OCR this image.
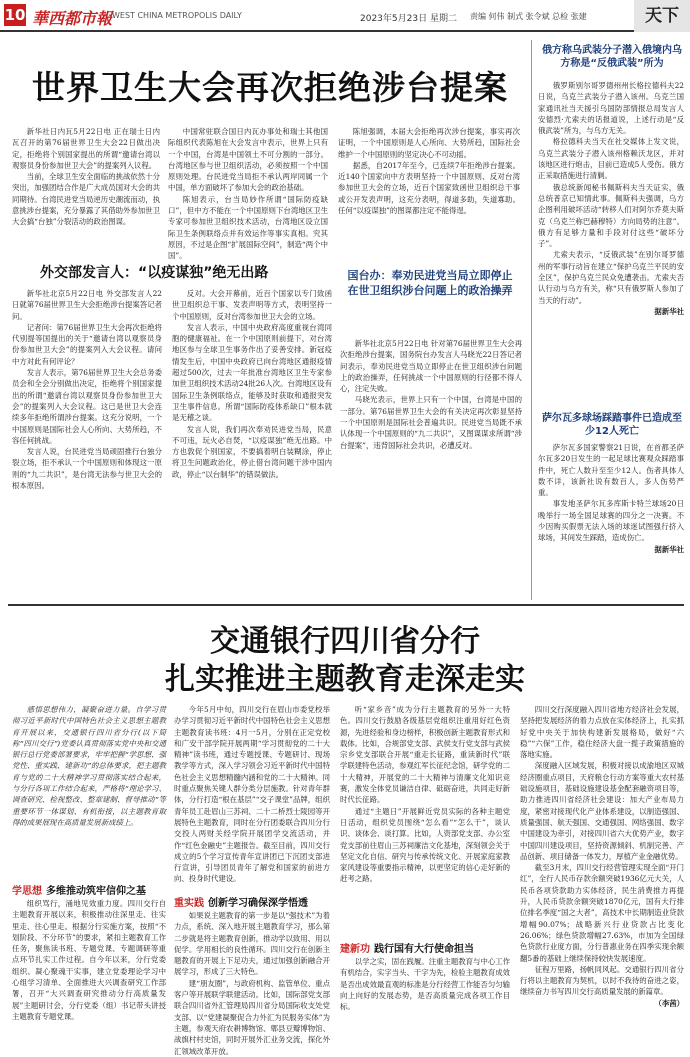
10 華西都市報 WEST CHINA METROPOLIS DAILY	2023年5月23日 星期二 责编 何伟 制式 张令斌 总检 张建	天下
世界卫生大会再次拒绝涉台提案

新华社日内瓦5月22日电 正在瑞士日内瓦召开的第76届世界卫生大会22日做出决定，拒绝将个别国家提出的所谓“邀请台湾以观察员身份参加世卫大会”的提案列入议程。

当前，全球卫生安全面临的挑战依然十分突出，加强团结合作是广大成员国对大会的共同期待。台湾民进党当局逆历史潮流而动，执意挑涉台提案，充分暴露了其借助外参加世卫大会搞“台独”分裂活动的政治图谋。

中国常驻联合国日内瓦办事处和瑞士其他国际组织代表陈旭在大会发言中表示，世界上只有一个中国，台湾是中国领土不可分割的一部分。台湾地区参与世卫组织活动，必须按照一个中国原则处理。台民进党当局拒不承认两岸同属一个中国，单方面破坏了参加大会的政治基础。

陈旭表示，台当局妙作所谓“国际防疫缺口”，但中方不能在一个中国原则下台湾地区卫生专家可参加世卫组织技术活动，台湾地区设立国际卫生条例联络点并有效运作等事实真相。究其原因，不过是企图“扩展国际空间”，制造“两个中国”。

陈旭强调，本届大会拒绝再次涉台提案，事实再次证明，一个中国原则是人心所向、大势所趋，国际社会维护一个中国原则的坚定决心不可动摇。

据悉，自2017年至今，已连续7年拒绝涉台提案。近140个国家向中方表明坚持一个中国原则、反对台湾参加世卫大会的立场，近百个国家致函世卫组织总干事或公开发表声明，这充分表明，得道多助，失道寡助。任何“以疫谋独”的图谋都注定不能得逞。

外交部发言人：“以疫谋独”绝无出路

新华社北京5月22日电 外交部发言人22日就第76届世界卫生大会拒绝涉台提案答记者问。

记者问：第76届世界卫生大会再次拒绝将代别提等国提出的关于“邀请台湾以观察员身份参加世卫大会”的提案列入大会议程。请问中方对此有何评论？

发言人表示，第76届世界卫生大会总务委员会和全会分别做出决定，拒绝将个别国家提出的所谓“邀请台湾以观察员身份参加世卫大会”的提案列入大会议程。这已是世卫大会连续多年拒绝所谓涉台提案。这充分说明，一个中国原则是国际社会人心所向、大势所趋，不容任何挑战。

发言人说，台民进党当局顽固推行台独分裂立场，拒不承认一个中国原则和体现这一原则的“九二共识”，是台湾无法参与世卫大会的根本原因。

反对。大会开幕前，近百个国家以专门致函世卫组织总干事、发表声明等方式，表明坚持一个中国原则，反对台湾参加世卫大会的立场。

发言人表示，中国中央政府高度重视台湾同胞的健康福祉。在一个中国原则前提下，对台湾地区参与全球卫生事务作出了妥善安排。新冠疫情发生后，中国中央政府已向台湾地区通报疫情超过500次，过去一年批准台湾地区卫生专家参加世卫组织技术活动24批26人次。台湾地区设有国际卫生条例联络点，能够及时获取和通报突发卫生事件信息。所谓“国际防疫体系缺口”根本就是无稽之谈。

发言人说，我们再次奉劝民进党当局，民意不可违，玩火必自焚，“以疫谋独”绝无出路。中方也敦促个别国家，不要搞着明白装糊涂，停止将卫生问题政治化，停止借台湾问题干涉中国内政，停止“以台制华”的错误做法。

国台办：奉劝民进党当局立即停止在世卫组织涉台问题上的政治操弄

新华社北京5月22日电 针对第76届世界卫生大会再次拒绝涉台提案，国务院台办发言人马晓光22日答记者问表示，奉劝民进党当局立即停止在世卫组织涉台问题上的政治操弄，任何挑战一个中国原则的行径都不得人心，注定失败。

马晓光表示，世界上只有一个中国，台湾是中国的一部分。第76届世界卫生大会的有关决定再次彰显坚持一个中国原则是国际社会普遍共识。民进党当局既不承认体现一个中国原则的“九二共识”，又图谋谋求所谓“涉台提案”，违背国际社会共识，必遭反对。

俄方称乌武装分子潜入俄境内乌方称是“反俄武装”所为

俄罗斯别尔哥罗德州州长格拉德科夫22日说，乌克兰武装分子潜入该州。乌克兰国家通讯社当天援引乌国防部情报总局发言人安德烈·尤索夫的话报道说，上述行动是“反俄武装”所为，与乌方无关。

格拉德科夫当天在社交媒体上发文说，乌克兰武装分子潜入该州格赖沃龙区，并对该地区进行炮击，目前已造成5人受伤。俄方正采取措施进行清剿。

俄总统新闻秘书佩斯科夫当天证实，俄总统普京已知情此事。佩斯科夫强调，乌方企图利用破坏活动“转移人们对阿尔乔莫夫斯克（乌克兰称巴赫穆特）方向局势的注意”。俄方有足够力量和手段对付这些“破坏分子”。

尤索夫表示，“反俄武装”在别尔哥罗德州的军事行动旨在建立“保护乌克兰平民的安全区”，保护乌克兰民众免遭袭击。尤索夫否认行动与乌方有关，称“只有俄罗斯人参加了当天的行动”。

据新华社

萨尔瓦多球场踩踏事件已造成至少12人死亡

萨尔瓦多国家警察21日说，在首都圣萨尔瓦多20日发生的一起足球比赛观众踩踏事件中，死亡人数升至至少12人。伤者具体人数不详，该新社说有数百人，多人伤势严重。

事发地圣萨尔瓦多库斯卡特兰球场20日晚举行一场全国足球赛的四分之一决赛。不少因购买假票无法入场的球迷试图强行挤入球场，其间发生踩踏，造成伤亡。

据新华社

交通银行四川省分行
扎实推进主题教育走深走实

感悟思想伟力，凝聚奋进力量。自学习贯彻习近平新时代中国特色社会主义思想主题教育开展以来，交通银行四川省分行(以下简称“四川交行”)党委认真贯彻落实党中央和交通银行总行党委部署要求，牢牢把握“学思想、强党性、重实践、建新功”的总体要求，把主题教育与党的二十大精神学习贯彻落实结合起来，与分行各项工作结合起来，严格将“理论学习、调查研究、检视整改、整章建制、督导推动”等重要环节一体谋划、有机衔接，以主题教育取得的成果展现在高质量发展新成绩上。

学思想 多维推动筑牢信仰之基

组织骂行，涌地见效重力度。四川交行自主题教育开展以来，积极推动往深里走、往实里走、往心里走。根据分行实施方案，按照“不划阶段、不分环节”的要求，紧扣主题教育工作任务，聚焦读书班、专题党课、专题调研等重点环节扎实工作过程。自今年以来，分行党委组织、凝心聚魂干实事，建立党委理论学习中心组学习清单、全面推进大兴调查研究工作部署，召开“大兴调查研究推动分行高质量发展”主题研讨会，分行党委（组）书记带头讲授主题教育专题党课。

今年5月中旬，四川交行在眉山市委党校举办学习贯彻习近平新时代中国特色社会主义思想主题教育读书班：4月一5月，分别在正定党校和广安干部学院开展两期“学习贯彻党的二十大精神”读书班，通过专题授课、专题研讨、现场教学等方式，深入学习领会习近平新时代中国特色社会主义思想精髓内涵和党的二十大精神。同时重点聚焦关键人群分类分层施教。针对青年群体，分行打造“根在基层”“交子课堂”品牌，组织青年员工赴眉山三苏祠、二十二桥烈士陵园等开展特色主题教育，同时在分行团委联合四川分行交投人两财关经学院开展团学交流活动，并作“红色金融史”主题报告。截至目前，四川交行成立的5个学习宣传青年宣讲团已下沉团支部进行宣讲，引导团员青年了解党和国家的前进方向、投身时代建设。

重实践 创新学习确保深学悟透

如果说主题教育的第一步是以“强技术”为着力点，系统、深入地开展主题教育学习，那么第二步就是将主题教育创新，推动学以致用、用以促学。学用相长的良性循环。四川交行在创新主题教育的开展上下足功夫，通过加强创新融合开展学习，形成了三大特色。

建“朋友圈”，与政府机构、监管单位、重点客户等开展联学联建活动。比如，国际部党支部联合四川省外汇管理局四川省分局国际收支处党支部、以“党建凝聚促合力外汇为民服务实体”为主题，参观天府农耕博物馆、郫县豆瓣博物馆、战旗村村史馆，同时开展外汇业务交流，探化外汇领域改革开放。

听“家乡音”成为分行主题教育的另外一大特色。四川交行鼓励各级基层党组织注重用好红色资源，先进经验和身边榜样，积极创新主题教育形式和载体。比如，合规部党支部、武侯支行党支部与武侯宗乡党支部联合开展“重走长征路，重读新时代”联学联建特色活动，参观红军长征纪念馆，研学党的二十大精神，开展党的二十大精神与清廉文化知识竞赛，激发全体党员谦洁自律、砥砺奋进，共同走好新时代长征路。

通过“主题日”开展鲜近党员实际的各种主题党日活动，组织党员围绕“怎么看”“怎么干”，谈认识、谈体会、谈打算。比如，人资部党支部、办公室党支部前往眉山三苏祠廉洁文化基地，深刻领会关于坚定文化自信、研究与传承传统文化、开展家庭家教家风建设等重要指示精神，以更坚定的信心走好新的赶考之路。

建新功 践行国有大行使命担当

以学之实，固在践履。注重主题教育与中心工作有机结合，实字当头、干字为先，检验主题教育成效是否出成效最直观的标准是分行经营工作能否匀匀输向上向好的发展态势，是否高质量完成各项工作目标。

四川交行深度融入四川省地方经济社会发展，坚持把发展经济的着力点放在实体经济上，扎实抓好党中央关于加快构建新发展格局，做好“六稳”“六保”工作，稳住经济大盘一揽子政策措施的落地实施。

深度融入区域发展，积极对接以成渝地区双城经济圈重点项目，天府粮仓行动方案等重大农村基础设施项目，基础设施建设基金配套融资项目等，助力推进四川省经济社会建设：加大产业布局力度，紧密对接现代化产业体系建设，以制造强国、质量强国、航天强国、交通强国、网络强国、数字中国建设为牵引，对接四川省六大优势产业，数字中国四川建设项目，坚持资源倾斜、机制完善、产品创新、项目储备一体发力，厚植产业金融优势。

截至3月末，四川交行经营管理实现全面“开门红”，全行人民币存款余额突破1936亿元大关，人民币各项贷款助力实体经济，民生消费推力再提升，人民币贷款余额突破1870亿元，国有大行排位排名季度“国之大者”，高技术中长期制造业贷款增幅90.07%；战略新兴行业贷款占比变化26.06%；绿色贷款增幅27.63%，市加为全国绿色贷款行业度方面，分行普惠业务在四季实现余额翻5番的基础上继续保持较快发展速度。

征程万里路，扬帆同风起。交通银行四川省分行将以主题教育为契机，以时不我待的奋进之姿，继续奋力书写四川交行高质量发展的新篇章。

（李茜）
